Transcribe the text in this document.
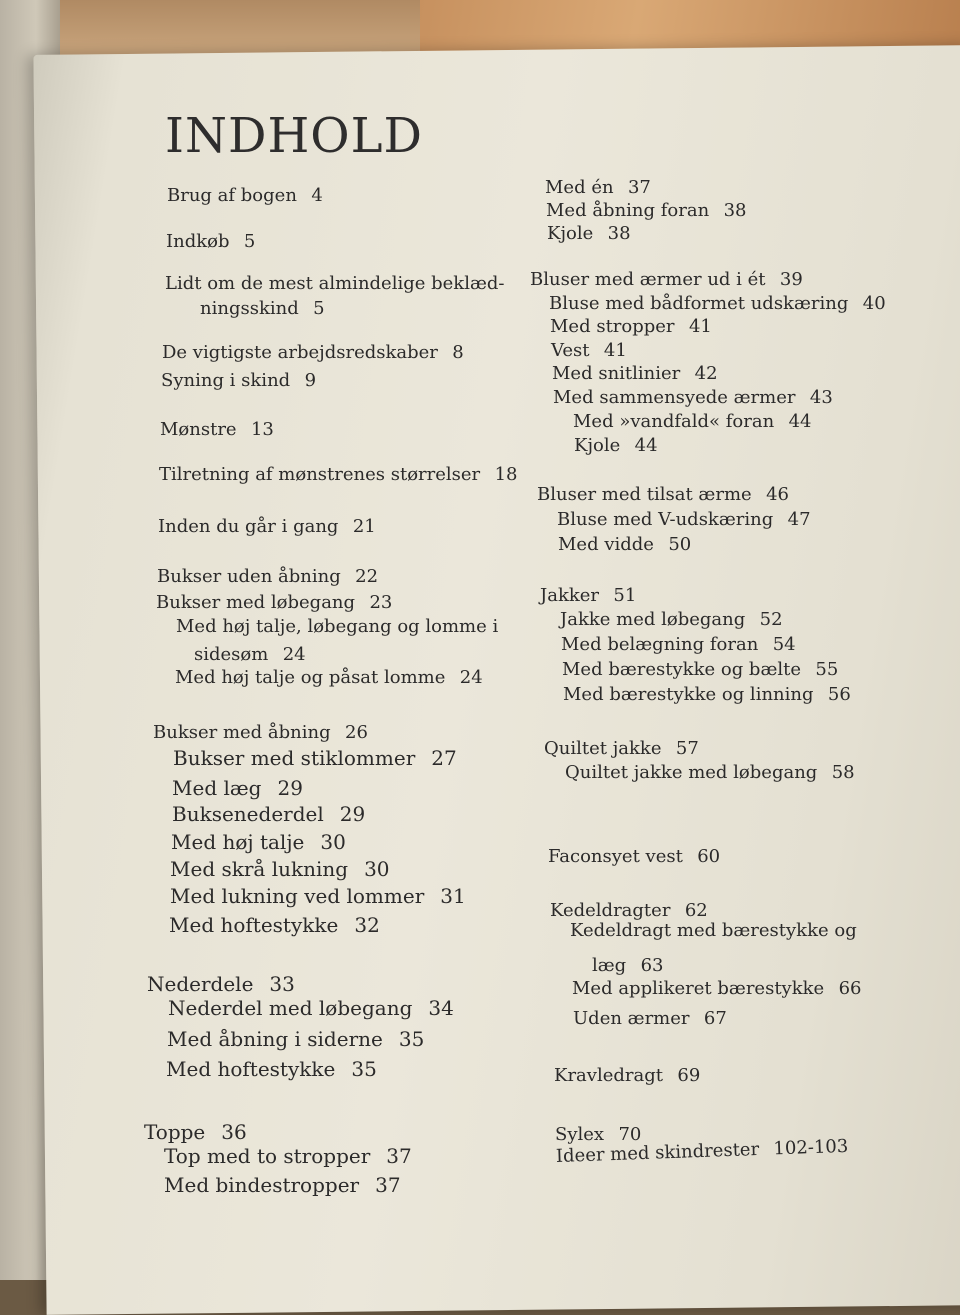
INDHOLD
Brug af bogen 4
Indkøb 5
Lidt om de mest almindelige beklæd-
ningsskind 5
De vigtigste arbejdsredskaber 8
Syning i skind 9
Mønstre 13
Tilretning af mønstrenes størrelser 18
Inden du går i gang 21
Bukser uden åbning 22
Bukser med løbegang 23
Med høj talje, løbegang og lomme i
sidesøm 24
Med høj talje og påsat lomme 24
Bukser med åbning 26
Bukser med stiklommer 27
Med læg 29
Buksenederdel 29
Med høj talje 30
Med skrå lukning 30
Med lukning ved lommer 31
Med hoftestykke 32
Nederdele 33
Nederdel med løbegang 34
Med åbning i siderne 35
Med hoftestykke 35
Toppe 36
Top med to stropper 37
Med bindestropper 37
Med én 37
Med åbning foran 38
Kjole 38
Bluser med ærmer ud i ét 39
Bluse med bådformet udskæring 40
Med stropper 41
Vest 41
Med snitlinier 42
Med sammensyede ærmer 43
Med »vandfald« foran 44
Kjole 44
Bluser med tilsat ærme 46
Bluse med V-udskæring 47
Med vidde 50
Jakker 51
Jakke med løbegang 52
Med belægning foran 54
Med bærestykke og bælte 55
Med bærestykke og linning 56
Quiltet jakke 57
Quiltet jakke med løbegang 58
Faconsyet vest 60
Kedeldragter 62
Kedeldragt med bærestykke og
læg 63
Med applikeret bærestykke 66
Uden ærmer 67
Kravledragt 69
Sylex 70
Ideer med skindrester 102-103
